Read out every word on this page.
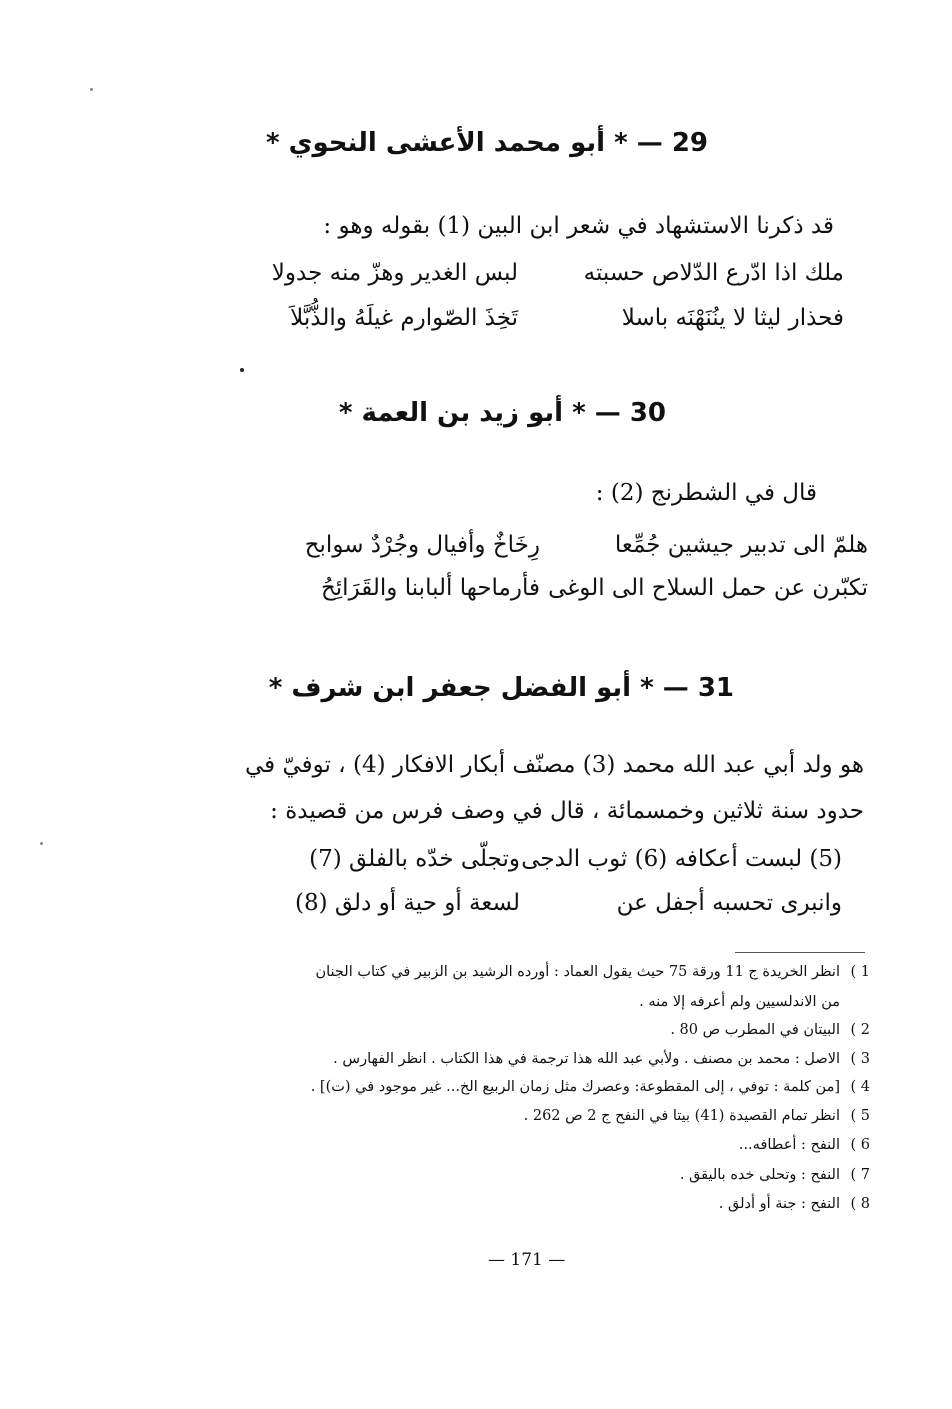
29 — * أبو محمد الأعشى النحوي *
قد ذكرنا الاستشهاد في شعر ابن البين (1) بقوله وهو :
ملك اذا ادّرع الدّلاص حسبته
لبس الغدير وهزّ منه جدولا
فحذار ليثا لا ينُنَهْنَه باسلا
تَخِذَ الصّوارم غيلَهُ والذُّبَّلاَ
30 — * أبو زيد بن العمة *
قال في الشطرنج (2) :
هلمّ الى تدبير جيشين جُمِّعا
رِخَاخٌ وأفيال وجُرْدٌ سوابح
تكبّرن عن حمل السلاح الى الوغى
فأرماحها ألبابنا والقَرَائِحُ
31 — * أبو الفضل جعفر ابن شرف *
هو ولد أبي عبد الله محمد (3) مصنّف أبكار الافكار (4) ، توفيّ في
حدود سنة ثلاثين وخمسمائة ، قال في وصف فرس من قصيدة :
(5) لبست أعكافه (6) ثوب الدجى
وتجلّى خدّه بالفلق (7)
وانبرى تحسبه أجفل عن
لسعة أو حية أو دلق (8)
1 )
انظر الخريدة ج 11 ورقة 75 حيث يقول العماد : أورده الرشيد بن الزبير في كتاب الجنان
من الاندلسيين ولم أعرفه إلا منه .
2 )
البيتان في المطرب ص 80 .
3 )
الاصل : محمد بن مصنف . ولأبي عبد الله هذا ترجمة في هذا الكتاب . انظر الفهارس .
4 )
[من كلمة : توفي ، إلى المقطوعة: وعصرك مثل زمان الربيع الخ... غير موجود في (ت)] .
5 )
انظر تمام القصيدة (41) بيتا في النفح ج 2 ص 262 .
6 )
النفح : أعطافه...
7 )
النفح : وتحلى خده باليقق .
8 )
النفح : جنة أو أدلق .
— 171 —
